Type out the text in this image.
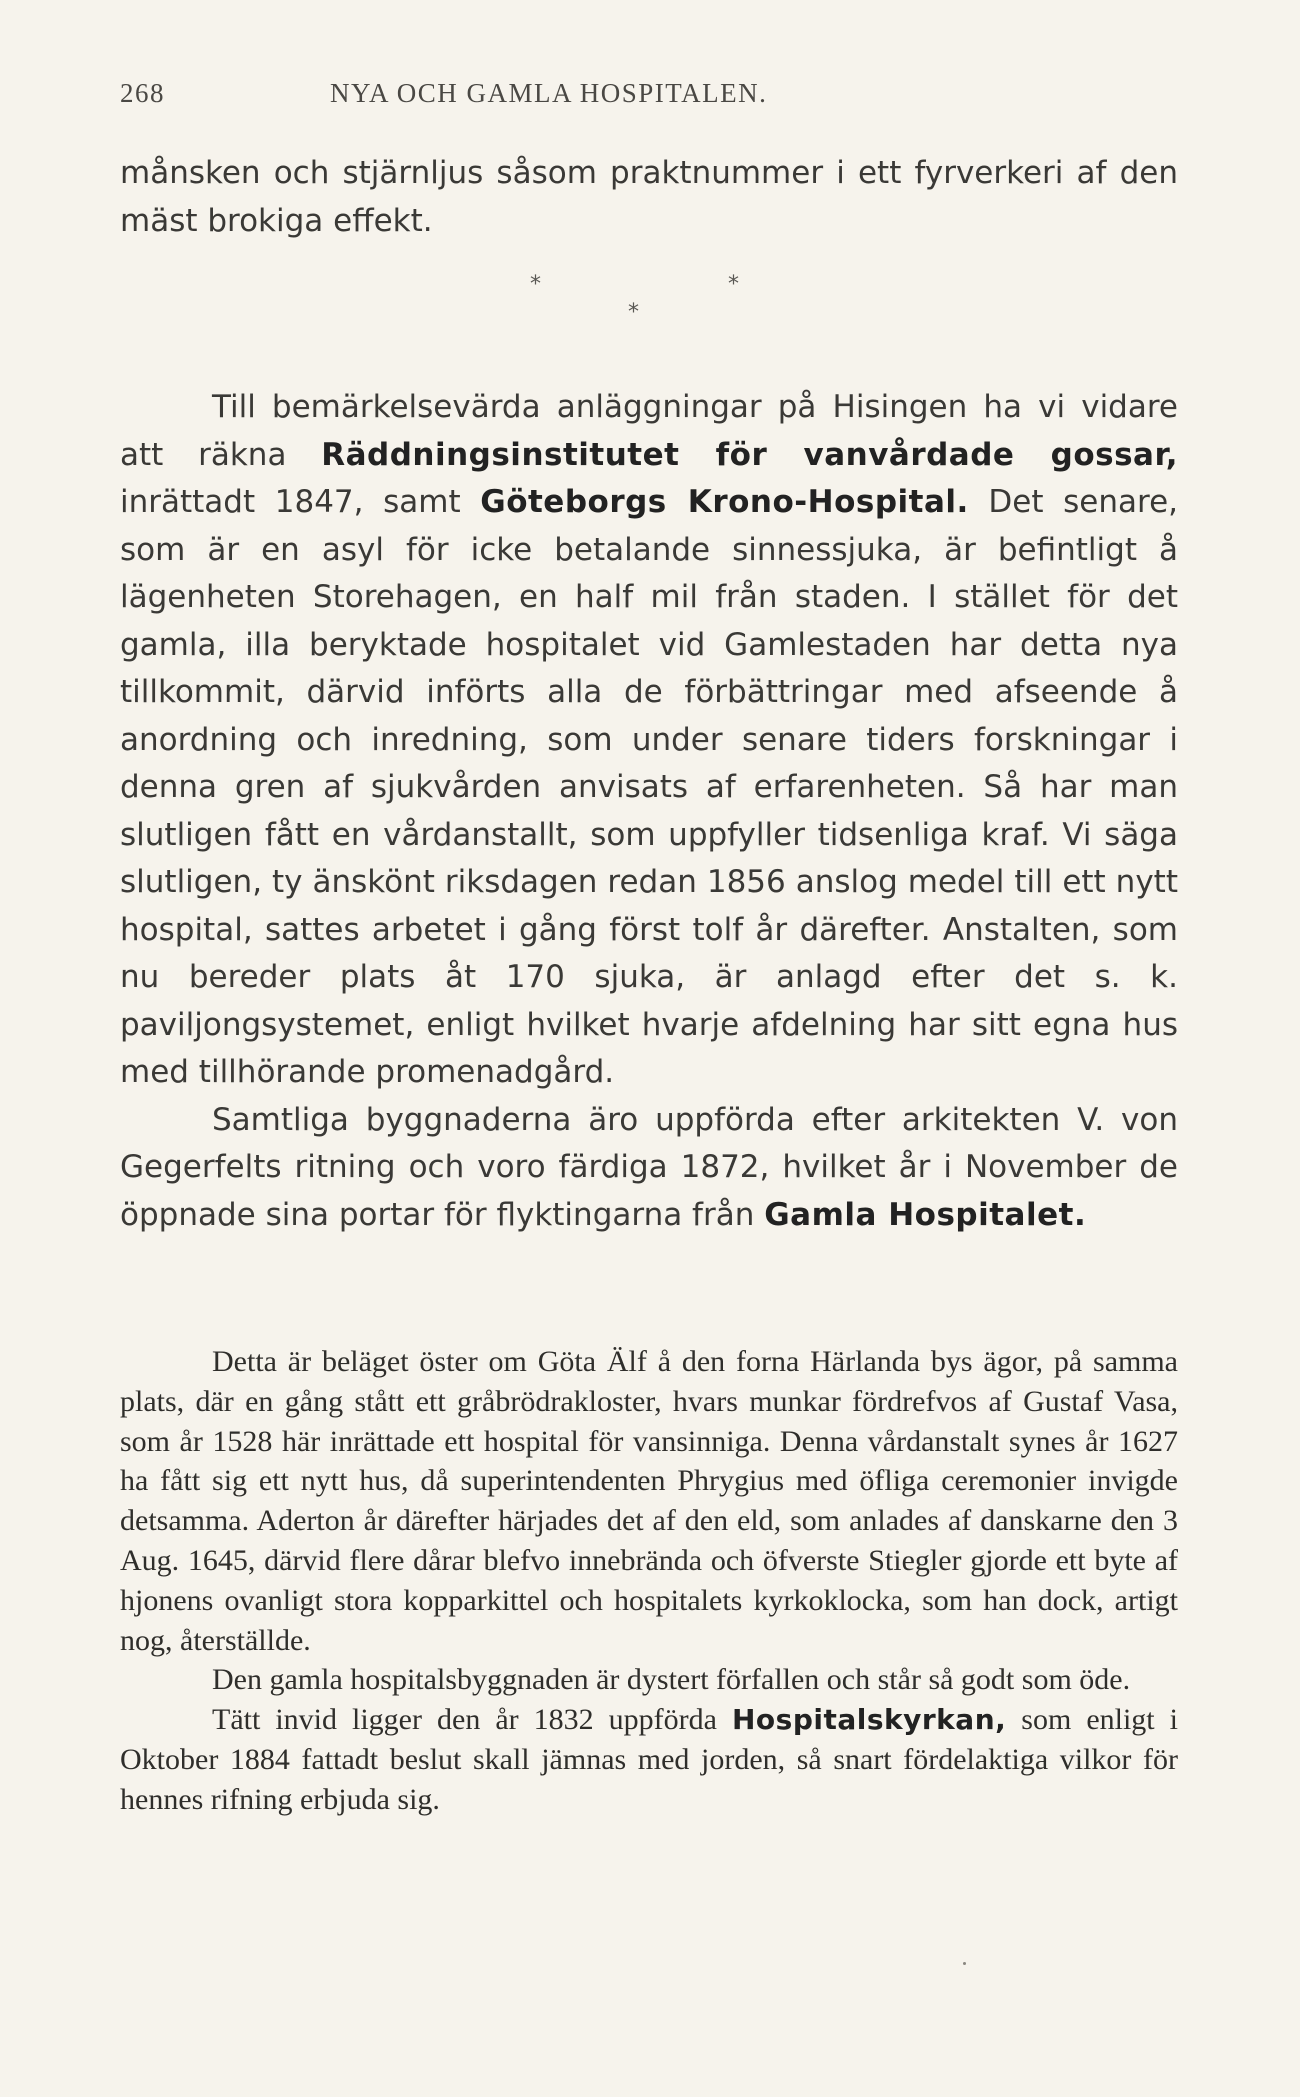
268	NYA OCH GAMLA HOSPITALEN.

månsken och stjärnljus såsom praktnummer i ett fyrverkeri af den mäst brokiga effekt.

*	*
*

Till bemärkelsevärda anläggningar på Hisingen ha vi vidare att räkna Räddningsinstitutet för vanvårdade gossar, inrättadt 1847, samt Göteborgs Krono-Hospital. Det senare, som är en asyl för icke betalande sinnessjuka, är befintligt å lägenheten Storehagen, en half mil från staden. I stället för det gamla, illa beryktade hospitalet vid Gamlestaden har detta nya tillkommit, därvid införts alla de förbättringar med afseende å anordning och inredning, som under senare tiders forskningar i denna gren af sjukvården anvisats af erfarenheten. Så har man slutligen fått en vårdanstallt, som uppfyller tidsenliga kraf. Vi säga slutligen, ty änskönt riksdagen redan 1856 anslog medel till ett nytt hospital, sattes arbetet i gång först tolf år därefter. Anstalten, som nu bereder plats åt 170 sjuka, är anlagd efter det s. k. paviljongsystemet, enligt hvilket hvarje afdelning har sitt egna hus med tillhörande promenadgård.

Samtliga byggnaderna äro uppförda efter arkitekten V. von Gegerfelts ritning och voro färdiga 1872, hvilket år i November de öppnade sina portar för flyktingarna från Gamla Hospitalet.

Detta är beläget öster om Göta Älf å den forna Härlanda bys ägor, på samma plats, där en gång stått ett gråbrödrakloster, hvars munkar fördrefvos af Gustaf Vasa, som år 1528 här inrättade ett hospital för vansinniga. Denna vårdanstalt synes år 1627 ha fått sig ett nytt hus, då superintendenten Phrygius med öfliga ceremonier invigde detsamma. Aderton år därefter härjades det af den eld, som anlades af danskarne den 3 Aug. 1645, därvid flere dårar blefvo innebrända och öfverste Stiegler gjorde ett byte af hjonens ovanligt stora kopparkittel och hospitalets kyrkoklocka, som han dock, artigt nog, återställde.

Den gamla hospitalsbyggnaden är dystert förfallen och står så godt som öde.

Tätt invid ligger den år 1832 uppförda Hospitalskyrkan, som enligt i Oktober 1884 fattadt beslut skall jämnas med jorden, så snart fördelaktiga vilkor för hennes rifning erbjuda sig.
